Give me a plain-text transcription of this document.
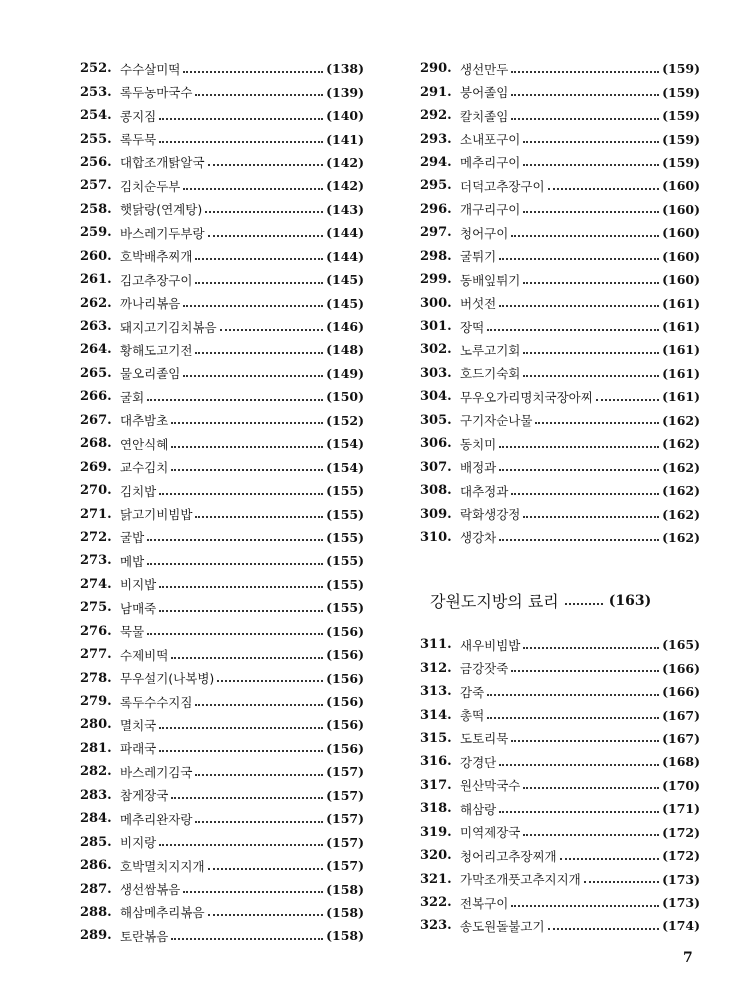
252. 수수살미떡	(138)
253. 록두농마국수	(139)
254. 콩지짐	(140)
255. 록두묵	(141)
256. 대합조개탉알국	(142)
257. 김치순두부	(142)
258. 햇닭랑(연계탕)	(143)
259. 바스레기두부랑	(144)
260. 호박배추찌개	(144)
261. 김고추장구이	(145)
262. 까나리볶음	(145)
263. 돼지고기김치볶음	(146)
264. 황해도고기전	(148)
265. 물오리졸임	(149)
266. 굴회	(150)
267. 대추밤초	(152)
268. 연안식혜	(154)
269. 교수김치	(154)
270. 김치밥	(155)
271. 닭고기비빔밥	(155)
272. 굴밥	(155)
273. 메밥	(155)
274. 비지밥	(155)
275. 남매죽	(155)
276. 묵물	(156)
277. 수제비떡	(156)
278. 무우설기(나복병)	(156)
279. 록두수수지짐	(156)
280. 멸치국	(156)
281. 파래국	(156)
282. 바스레기김국	(157)
283. 참게장국	(157)
284. 메추리완자랑	(157)
285. 비지랑	(157)
286. 호박멸치지지개	(157)
287. 생선쌈볶음	(158)
288. 해삼메추리볶음	(158)
289. 토란볶음	(158)
290. 생선만두	(159)
291. 붕어졸임	(159)
292. 칼치졸임	(159)
293. 소내포구이	(159)
294. 메추리구이	(159)
295. 더덕고추장구이	(160)
296. 개구리구이	(160)
297. 청어구이	(160)
298. 굴튀기	(160)
299. 동배잎튀기	(160)
300. 버섯전	(161)
301. 장떡	(161)
302. 노루고기회	(161)
303. 호드기숙회	(161)
304. 무우오가리명치국장아찌	(161)
305. 구기자순나물	(162)
306. 동치미	(162)
307. 배정과	(162)
308. 대추정과	(162)
309. 락화생강정	(162)
310. 생강차	(162)
강원도지방의 료리	(163)
311. 새우비빔밥	(165)
312. 금강잣죽	(166)
313. 감죽	(166)
314. 총떡	(167)
315. 도토리묵	(167)
316. 강경단	(168)
317. 원산막국수	(170)
318. 해삼랑	(171)
319. 미역제장국	(172)
320. 청어리고추장찌개	(172)
321. 가막조개풋고추지지개	(173)
322. 전복구이	(173)
323. 송도원돌불고기	(174)
7
